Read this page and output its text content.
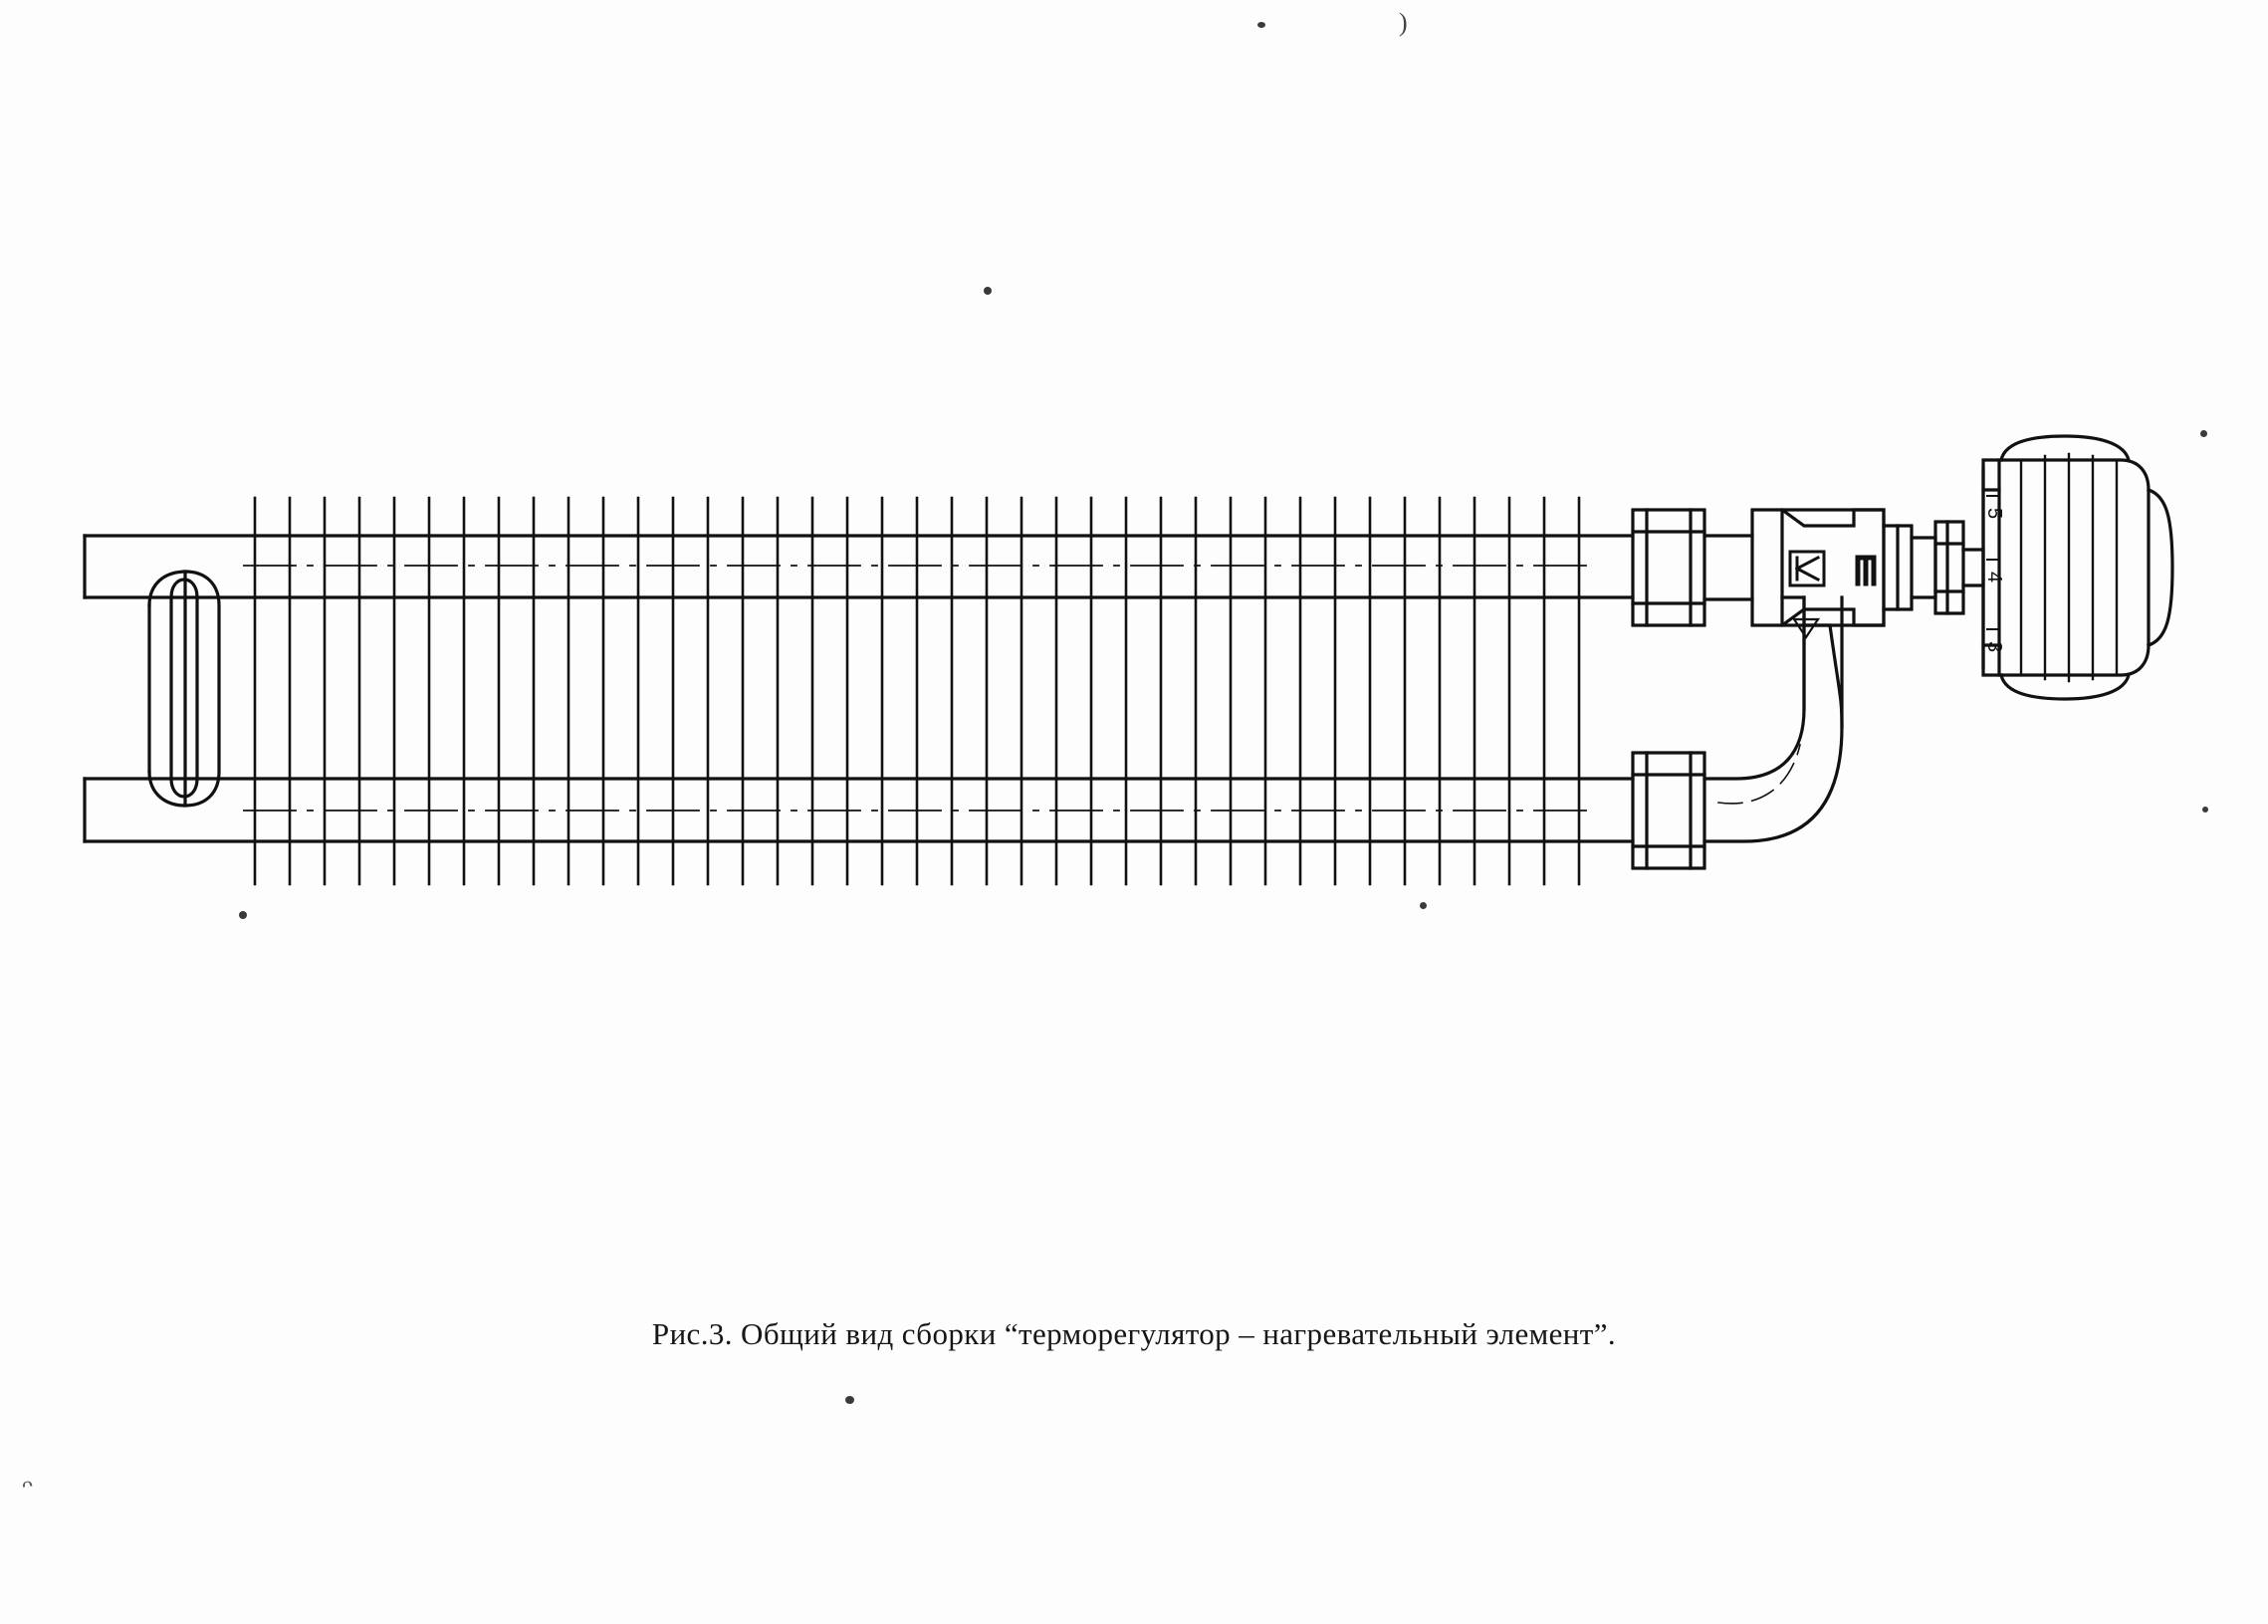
)
ᴖ
5
4
3
Рис.3. Общий вид сборки “терморегулятор – нагревательный элемент”.
